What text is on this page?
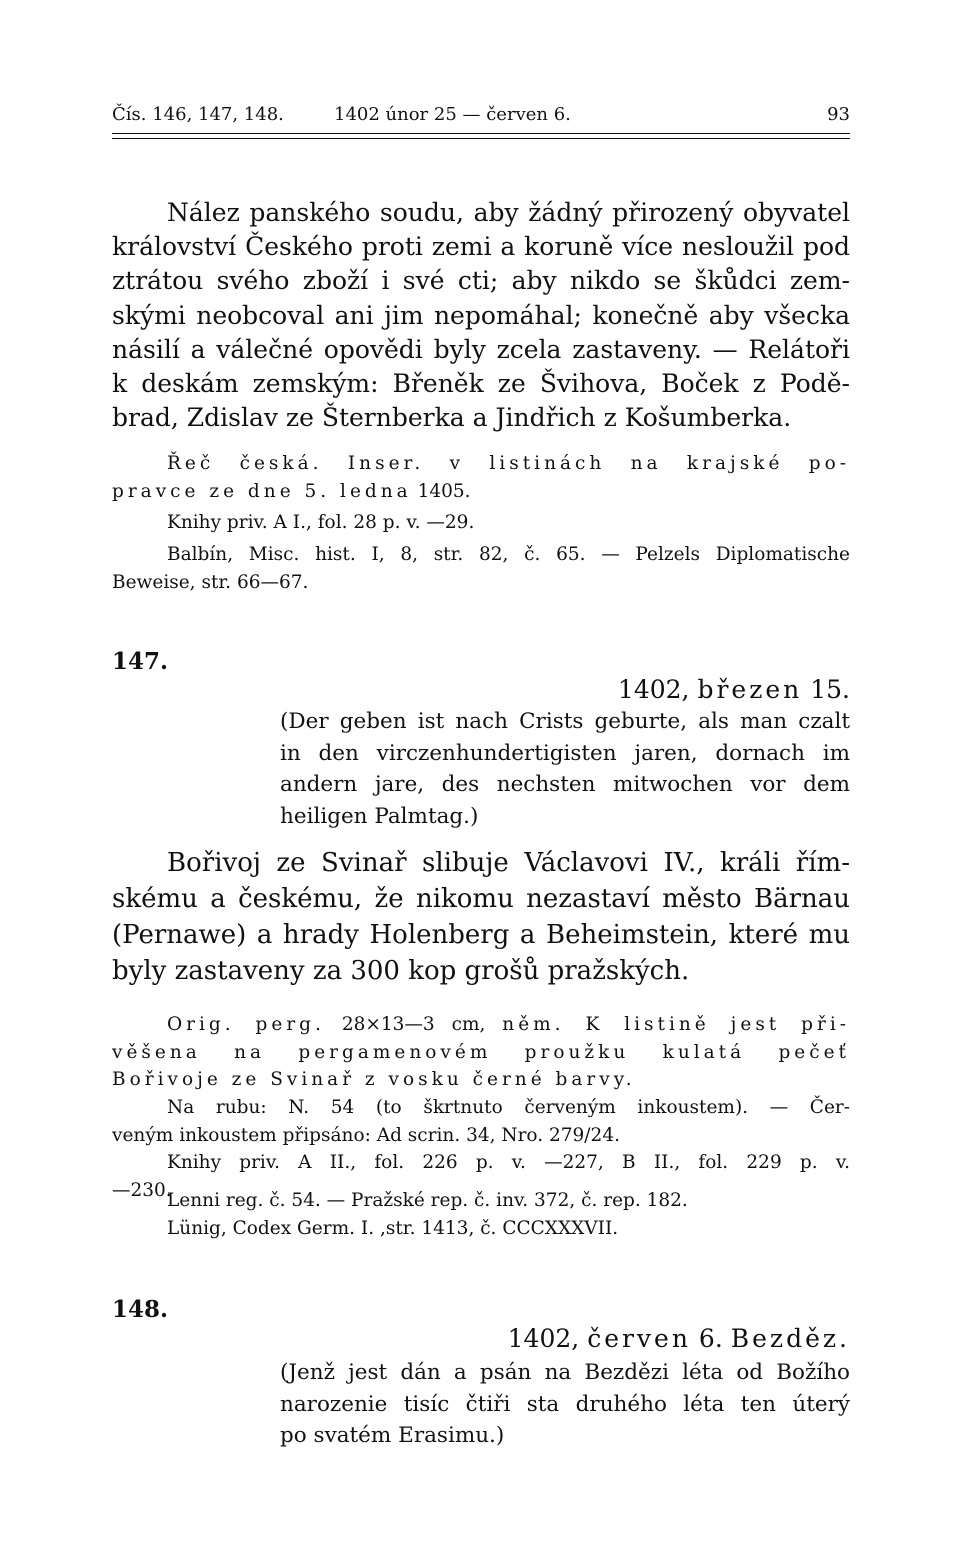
Čís. 146, 147, 148.	1402 únor 25 — červen 6.	93

Nález panského soudu, aby žádný přirozený obyvatel
království Českého proti zemi a koruně více nesloužil pod
ztrátou svého zboží i své cti; aby nikdo se škůdci zem-
skými neobcoval ani jim nepomáhal; konečně aby všecka
násilí a válečné opovědi byly zcela zastaveny. — Relátoři
k deskám zemským: Břeněk ze Švihova, Boček z Podě-
brad, Zdislav ze Šternberka a Jindřich z Košumberka.

Řeč česká. Inser. v listinách na krajské po-
pravce ze dne 5. ledna 1405.

Knihy priv. A I., fol. 28 p. v. —29.

Balbín, Misc. hist. I, 8, str. 82, č. 65. — Pelzels Diplomatische
Beweise, str. 66—67.

147.
1402, březen 15.

(Der geben ist nach Crists geburte, als man czalt
in den virczenhundertigisten jaren, dornach im
andern jare, des nechsten mitwochen vor dem
heiligen Palmtag.)

Bořivoj ze Svinař slibuje Václavovi IV., králi řím-
skému a českému, že nikomu nezastaví město Bärnau
(Pernawe) a hrady Holenberg a Beheimstein, které mu
byly zastaveny za 300 kop grošů pražských.

Orig. perg. 28×13—3 cm, něm. K listině jest při-
věšena na pergamenovém proužku kulatá pečeť
Bořivoje ze Svinař z vosku černé barvy.

Na rubu: N. 54 (to škrtnuto červeným inkoustem). — Čer-
veným inkoustem připsáno: Ad scrin. 34, Nro. 279/24.

Knihy priv. A II., fol. 226 p. v. —227, B II., fol. 229 p. v.
—230.

Lenni reg. č. 54. — Pražské rep. č. inv. 372, č. rep. 182.

Lünig, Codex Germ. I. ,str. 1413, č. CCCXXXVII.

148.
1402, červen 6. Bezděz.

(Jenž jest dán a psán na Bezdězi léta od Božího
narozenie tisíc čtiři sta druhého léta ten úterý
po svatém Erasimu.)
